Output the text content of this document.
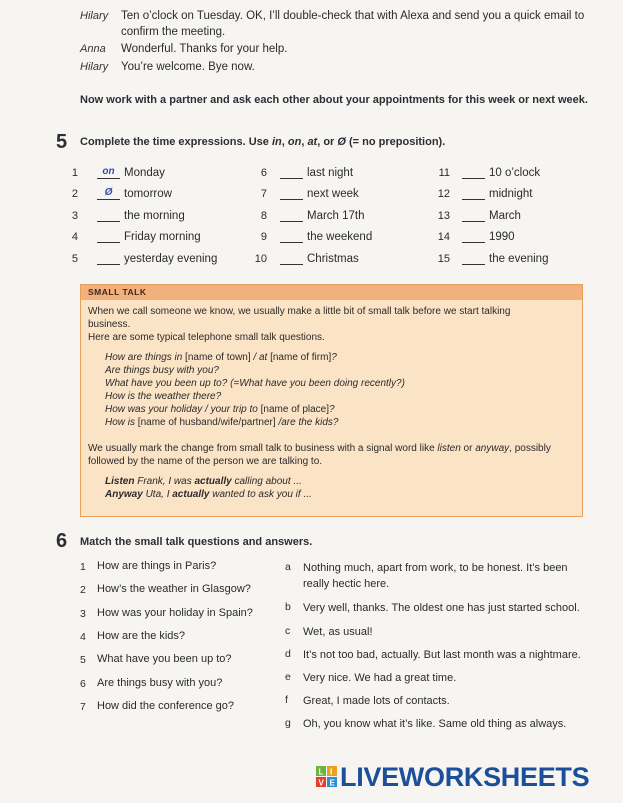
Hilary Ten o’clock on Tuesday. OK, I’ll double-check that with Alexa and send you a quick email to
confirm the meeting.
Anna Wonderful. Thanks for your help.
Hilary You’re welcome. Bye now.
Now work with a partner and ask each other about your appointments for this week or next week.
5 Complete the time expressions. Use in, on, at, or Ø (= no preposition).
1	on Monday
2	Ø	tomorrow
3	the morning
4	Friday morning
5	yesterday evening
6	last night
7	next week
8	March 17th
9	the weekend
10	Christmas
11	10 o’clock
12	midnight
13	March
14	1990
15	the evening
SMALL TALK
When we call someone we know, we usually make a little bit of small talk before we start talking
business.
Here are some typical telephone small talk questions.
How are things in [name of town] / at [name of firm]?
Are things busy with you?
What have you been up to? (=What have you been doing recently?)
How is the weather there?
How was your holiday / your trip to [name of place]?
How is [name of husband/wife/partner] /are the kids?
We usually mark the change from small talk to business with a signal word like listen or anyway, possibly
followed by the name of the person we are talking to.
Listen Frank, I was actually calling about ...
Anyway Uta, I actually wanted to ask you if ...
6 Match the small talk questions and answers.
1 How are things in Paris?
2 How’s the weather in Glasgow?
3 How was your holiday in Spain?
4 How are the kids?
5 What have you been up to?
6 Are things busy with you?
7 How did the conference go?
a Nothing much, apart from work, to be honest. It’s been
really hectic here.
b Very well, thanks. The oldest one has just started school.
c Wet, as usual!
d It’s not too bad, actually. But last month was a nightmare.
e Very nice. We had a great time.
f Great, I made lots of contacts.
g Oh, you know what it’s like. Same old thing as always.
L I
V E LIVEWORKSHEETS
